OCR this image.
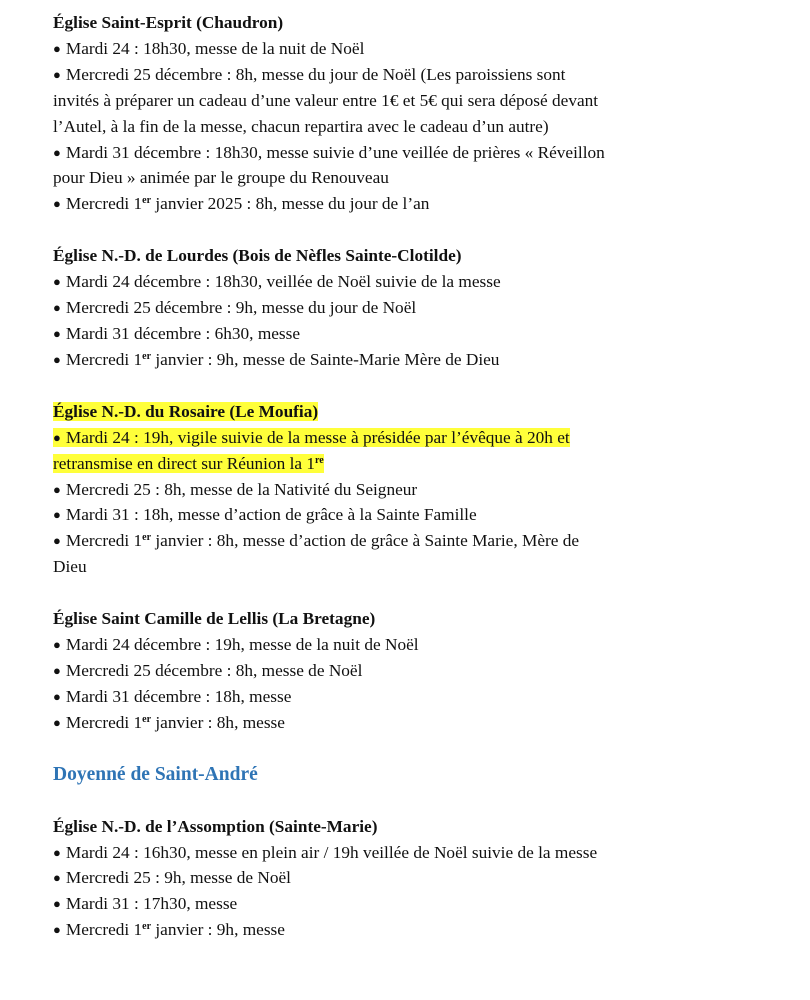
Église Saint-Esprit (Chaudron)
● Mardi 24 : 18h30, messe de la nuit de Noël
● Mercredi 25 décembre : 8h, messe du jour de Noël (Les paroissiens sont
invités à préparer un cadeau d’une valeur entre 1€ et 5€ qui sera déposé devant
l’Autel, à la fin de la messe, chacun repartira avec le cadeau d’un autre)
● Mardi 31 décembre : 18h30, messe suivie d’une veillée de prières « Réveillon
pour Dieu » animée par le groupe du Renouveau
● Mercredi 1er janvier 2025 : 8h, messe du jour de l’an
Église N.-D. de Lourdes (Bois de Nèfles Sainte-Clotilde)
● Mardi 24 décembre : 18h30, veillée de Noël suivie de la messe
● Mercredi 25 décembre : 9h, messe du jour de Noël
● Mardi 31 décembre : 6h30, messe
● Mercredi 1er janvier : 9h, messe de Sainte-Marie Mère de Dieu
Église N.-D. du Rosaire (Le Moufia)
● Mardi 24 : 19h, vigile suivie de la messe à présidée par l’évêque à 20h et
retransmise en direct sur Réunion la 1re
● Mercredi 25 : 8h, messe de la Nativité du Seigneur
● Mardi 31 : 18h, messe d’action de grâce à la Sainte Famille
● Mercredi 1er janvier : 8h, messe d’action de grâce à Sainte Marie, Mère de
Dieu
Église Saint Camille de Lellis (La Bretagne)
● Mardi 24 décembre : 19h, messe de la nuit de Noël
● Mercredi 25 décembre : 8h, messe de Noël
● Mardi 31 décembre : 18h, messe
● Mercredi 1er janvier : 8h, messe
Doyenné de Saint-André
Église N.-D. de l’Assomption (Sainte-Marie)
● Mardi 24 : 16h30, messe en plein air / 19h veillée de Noël suivie de la messe
● Mercredi 25 : 9h, messe de Noël
● Mardi 31 : 17h30, messe
● Mercredi 1er janvier : 9h, messe
